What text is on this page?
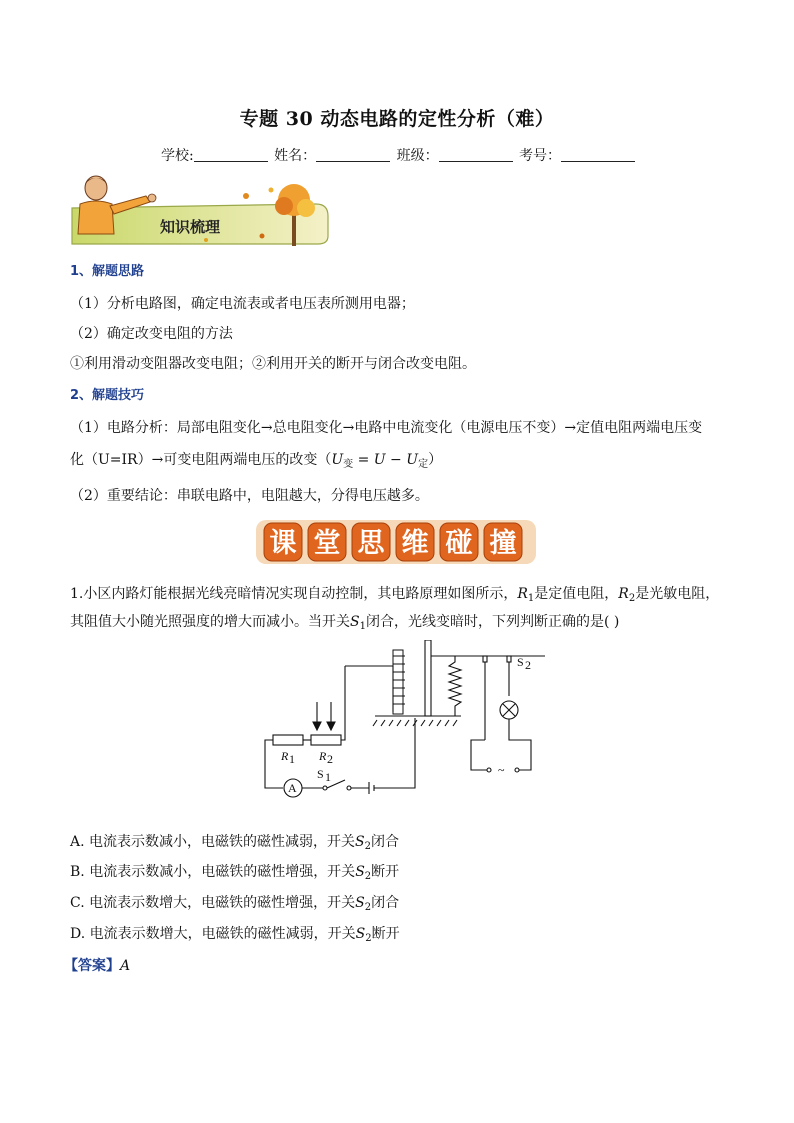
专题 30 动态电路的定性分析（难）
学校:	姓名：	班级：	考号：
知识梳理
1、解题思路
（1）分析电路图，确定电流表或者电压表所测用电器；
（2）确定改变电阻的方法
①利用滑动变阻器改变电阻；②利用开关的断开与闭合改变电阻。
2、解题技巧
（1）电路分析：局部电阻变化→总电阻变化→电路中电流变化（电源电压不变）→定值电阻两端电压变
化（U=IR）→可变电阻两端电压的改变$(U_变 = U - U_定)$
（2）重要结论：串联电路中，电阻越大，分得电压越多。
课 堂 思 维 碰 撞
1.小区内路灯能根据光线亮暗情况实现自动控制，其电路原理如图所示，$R_1$是定值电阻，$R_2$是光敏电阻，
其阻值大小随光照强度的增大而减小。当开关$S_1$闭合，光线变暗时，下列判断正确的是( )
R 1 R 2
A
S 1
S 2
~
A. 电流表示数减小，电磁铁的磁性减弱，开关$S_2$闭合
B. 电流表示数减小，电磁铁的磁性增强，开关$S_2$断开
C. 电流表示数增大，电磁铁的磁性增强，开关$S_2$闭合
D. 电流表示数增大，电磁铁的磁性减弱，开关$S_2$断开
【答案】A
